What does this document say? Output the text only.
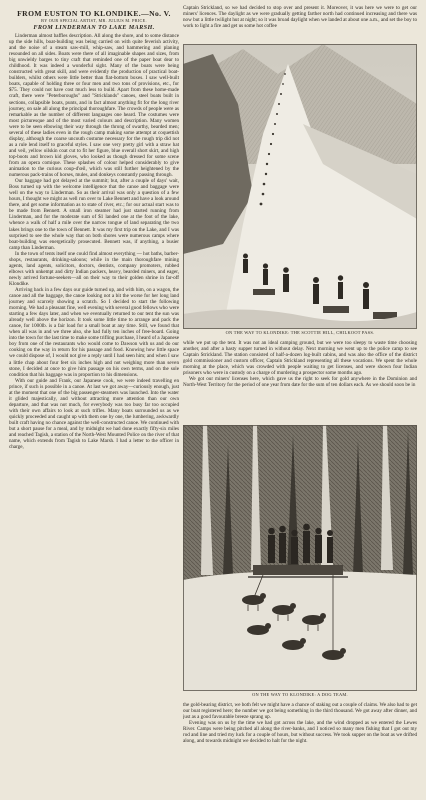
FROM EUSTON TO KLONDIKE.—No. V.
BY OUR SPECIAL ARTIST, MR. JULIUS M. PRICE.
FROM LINDERMAN TO LAKE MARSH.

Linderman almost baffles description. All along the shore, and to some distance up the side hills, boat-building was being carried on with quite feverish activity, and the noise of a steam saw-mill, whip-saw, and hammering and planing resounded on all sides. Boats were there of all imaginable shapes and sizes, from big unwieldy barges to tiny craft that reminded one of the paper boat dear to childhood. It was indeed a wonderful sight. Many of the boats were being constructed with great skill, and were evidently the production of practical boat-builders, whilst others were little better than flat-bottom boxes. I saw well-built boats, capable of holding three or four men and two tons of provisions, etc., for $75. They could not have cost much less to build. Apart from these home-made craft, there were "Peterboroughs" and "Stricklands" canoes, steel boats built in sections, collapsible boats, punts, and in fact almost anything fit for the long river journey, on sale all along the principal thoroughfare. The crowds of people were as remarkable as the number of different languages one heard. The costumes were most picturesque and of the most varied colours and description. Many women were to be seen elbowing their way through the throng of swarthy, bearded men; several of these ladies even in the rough camp making some attempt at coquettish display, although the coarse uncouth costume necessary for the rough trip did not as a rule lend itself to graceful styles. I saw one very pretty girl with a straw hat and veil, yellow oilskin coat cut to fit her figure, blue overall short skirt, and high top-boots and brown kid gloves, who looked as though dressed for some scene from an opera comique. These splashes of colour helped considerably to give animation to the curious coup-d'œil, which was still further heightened by the numerous pack-trains of horses, mules, and donkeys constantly passing through.

Our baggage had got delayed at the summit; but, after a couple of days' wait, Boss turned up with the welcome intelligence that the canoe and baggage were well on the way to Linderman. So as their arrival was only a question of a few hours, I thought we might as well run over to Lake Bennett and have a look around there, and get some information as to state of river, etc.; for our actual start was to be made from Bennett. A small iron steamer had just started running from Linderman, and for the moderate sum of $1 landed one at the foot of the lake, whence a walk of half a mile over the narrow tongue of land separating the two lakes brings one to the town of Bennett. It was my first trip on the Lake, and I was surprised to see the whole way that on both shores were numerous camps where boat-building was energetically prosecuted. Bennett was, if anything, a busier camp than Linderman.

In the town of tents itself one could find almost everything — hot baths, barber-shops, restaurants, drinking-saloons; while in the main thoroughfare mining agents, land agents, solicitors, doctors, dentists, company promoters, rubbed elbows with unkempt and dirty Indian packers, heavy, bearded miners, and eager, newly arrived fortune-seekers—all on their way to their golden shrine in far-off Klondike.

Arriving back in a few days our guide turned up, and with him, on a wagon, the canoe and all the baggage, the canoe looking not a bit the worse for her long land journey and scarcely showing a scratch. So I decided to start the following morning. We had a pleasant fine, well evening with several good fellows who were starting a few days later, and when we eventually returned to our tent the sun was already well above the horizon. It took some little time to arrange and pack the canoe, for 1000lb. is a fair load for a small boat at any time. Still, we found that when all was in and we three also, she had fully ten inches of free-board. Going into the town for the last time to make some trifling purchase, I heard of a Japanese boy from one of the restaurants who would come to Dawson with us and do our cooking on the way in return for his passage and food. Knowing how little space we could dispose of, I would not give a reply until I had seen him; and when I saw a little chap about four feet six inches high and not weighing more than seven stone, I decided at once to give him passage on his own terms, and on the sole condition that his baggage was in proportion to his dimensions.

With our guide and Frank, our Japanese cook, we were indeed travelling en prince, if such is possible in a canoe. At last we got away—curiously enough, just at the moment that one of the big passenger-steamers was launched. Into the water it glided majestically, and without attracting more attention than our own departure, and that was not much, for everybody was too busy far too occupied with their own affairs to look at such trifles. Many boats surrounded us as we quickly proceeded and caught up with them one by one, the lumbering, awkwardly built craft having no chance against the well-constructed canoe. We continued with but a short pause for a meal, and by midnight we had done exactly fifty-six miles and reached Tagish, a station of the North-West Mounted Police on the river of that name, which extends from Tagish to Lake Marsh. I had a letter to the officer in charge,

Captain Strickland, so we had decided to stop over and present it. Moreover, it was here we were to get our miners' licences. The daylight as we were gradually getting farther north had continued increasing and there was now but a little twilight hut at night; so it was broad daylight when we landed at about one a.m., and set the boy to work to light a fire and get us some hot coffee

ON THE WAY TO KLONDIKE: THE SCOTTIE HILL, CHILKOOT PASS.

while we put up the tent. It was not an ideal camping ground, but we were too sleepy to waste time choosing another, and after a hasty supper turned in without delay. Next morning we went up to the police camp to see Captain Strickland. The station consisted of half-a-dozen log-built cabins, and was also the office of the district gold commissioner and custom officer, Captain Strickland representing all these vocations. We spent the whole morning at the place, which was crowded with people waiting to get licenses, and were shown four Indian prisoners who were in custody on a charge of murdering a prospector some months ago.

We got our miners' licenses here, which gave us the right to seek for gold anywhere in the Dominion and North-West Territory for the period of one year from date for the sum of ten dollars each. As we should soon be in

ON THE WAY TO KLONDIKE: A DOG TEAM.

the gold-bearing district, we both felt we might have a chance of staking out a couple of claims. We also had to get our boat registered here; the number we got being something in the third thousand. We got away after dinner, and just as a good favourable breeze sprang up.

Evening was on us by the time we had got across the lake, and the wind dropped as we entered the Lewes River. Camps were being pitched all along the river-banks, and I noticed so many men fishing that I got out my rod and line and tried my luck for a couple of hours, but without success. We took supper on the boat as we drifted along, and towards midnight we decided to halt for the night.
